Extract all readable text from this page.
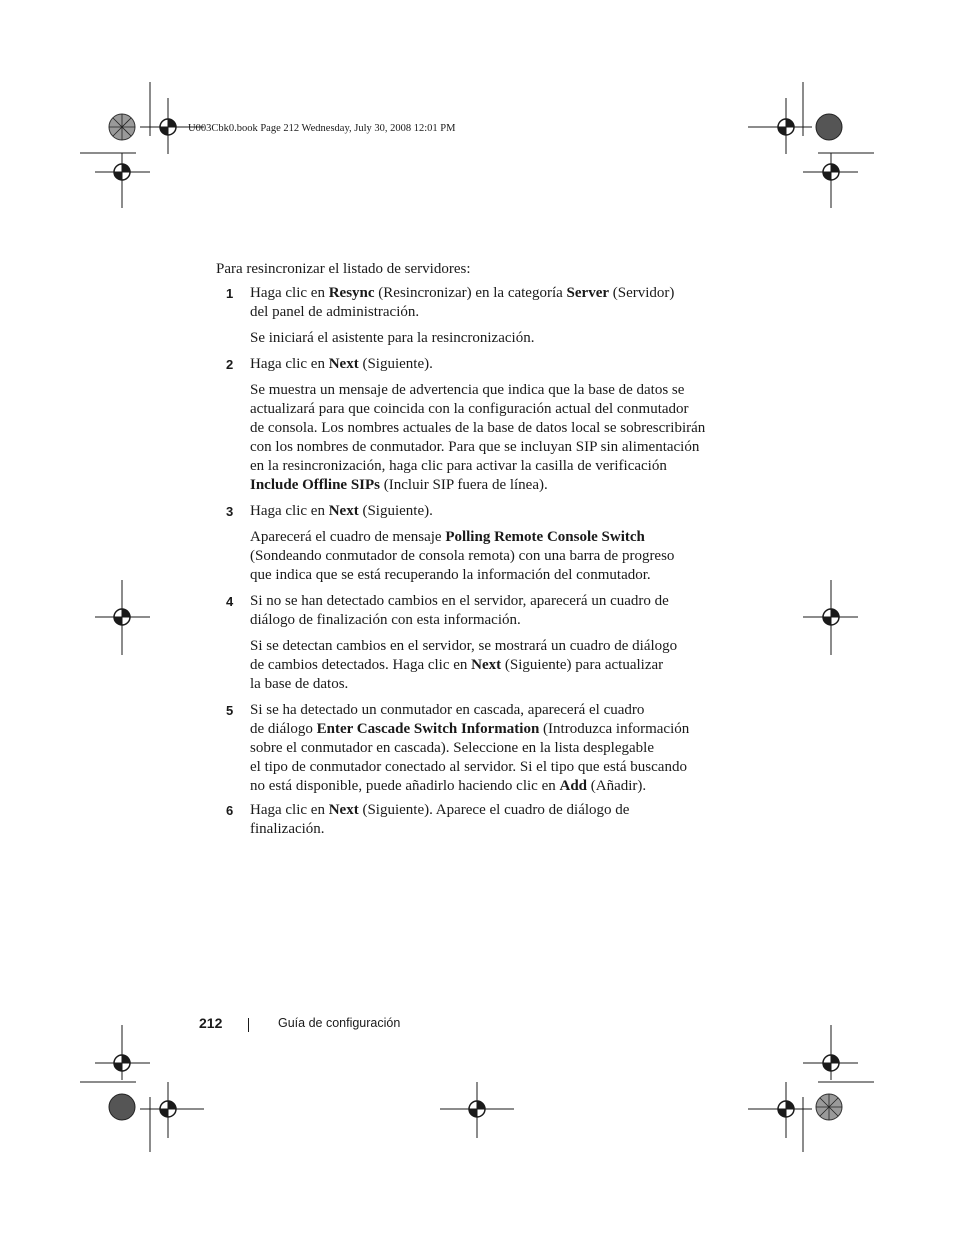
U003Cbk0.book Page 212 Wednesday, July 30, 2008 12:01 PM
Para resincronizar el listado de servidores:
1 Haga clic en Resync (Resincronizar) en la categoría Server (Servidor)

del panel de administración.

Se iniciará el asistente para la resincronización.

2 Haga clic en Next (Siguiente).

Se muestra un mensaje de advertencia que indica que la base de datos se

actualizará para que coincida con la configuración actual del conmutador

de consola. Los nombres actuales de la base de datos local se sobrescribirán

con los nombres de conmutador. Para que se incluyan SIP sin alimentación

en la resincronización, haga clic para activar la casilla de verificación

Include Offline SIPs (Incluir SIP fuera de línea).

3 Haga clic en Next (Siguiente).

Aparecerá el cuadro de mensaje Polling Remote Console Switch

(Sondeando conmutador de consola remota) con una barra de progreso

que indica que se está recuperando la información del conmutador.

4 Si no se han detectado cambios en el servidor, aparecerá un cuadro de

diálogo de finalización con esta información.

Si se detectan cambios en el servidor, se mostrará un cuadro de diálogo

de cambios detectados. Haga clic en Next (Siguiente) para actualizar

la base de datos.

5 Si se ha detectado un conmutador en cascada, aparecerá el cuadro

de diálogo Enter Cascade Switch Information (Introduzca información

sobre el conmutador en cascada). Seleccione en la lista desplegable

el tipo de conmutador conectado al servidor. Si el tipo que está buscando

no está disponible, puede añadirlo haciendo clic en Add (Añadir).

6 Haga clic en Next (Siguiente). Aparece el cuadro de diálogo de

finalización.

212	Guía de configuración
